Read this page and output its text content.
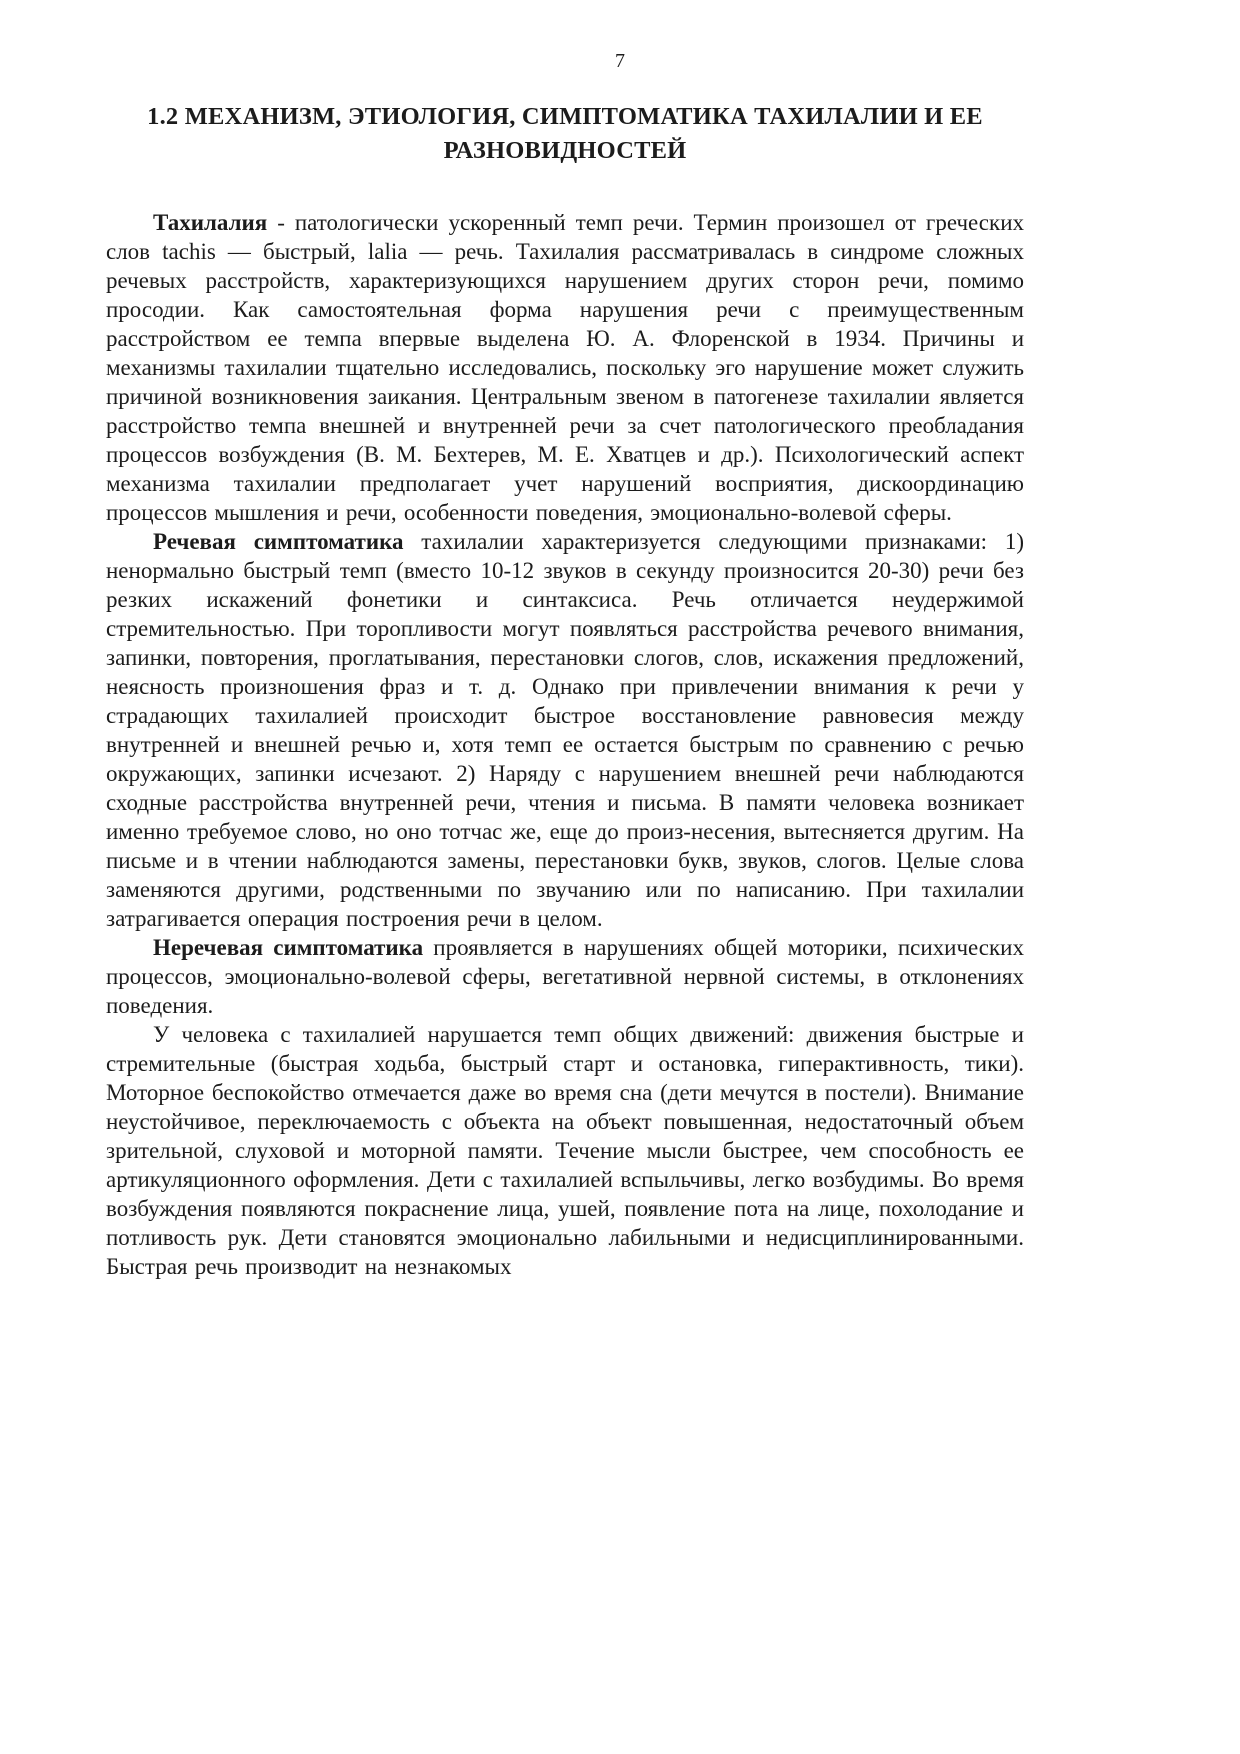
7
1.2 МЕХАНИЗМ, ЭТИОЛОГИЯ, СИМПТОМАТИКА ТАХИЛАЛИИ И ЕЕ РАЗНОВИДНОСТЕЙ

Тахилалия - патологически ускоренный темп речи. Термин произошел от греческих слов tachis — быстрый, lalia — речь. Тахилалия рассматривалась в синдроме сложных речевых расстройств, характеризующихся нарушением других сторон речи, помимо просодии. Как самостоятельная форма нарушения речи с преимущественным расстройством ее темпа впервые выделена Ю. А. Флоренской в 1934. Причины и механизмы тахилалии тщательно исследовались, поскольку эго нарушение может служить причиной возникновения заикания. Центральным звеном в патогенезе тахилалии является расстройство темпа внешней и внутренней речи за счет патологического преобладания процессов возбуждения (В. М. Бехтерев, М. Е. Хватцев и др.). Психологический аспект механизма тахилалии предполагает учет нарушений восприятия, дискоординацию процессов мышления и речи, особенности поведения, эмоционально-волевой сферы.

Речевая симптоматика тахилалии характеризуется следующими признаками: 1) ненормально быстрый темп (вместо 10-12 звуков в секунду произносится 20-30) речи без резких искажений фонетики и синтаксиса. Речь отличается неудержимой стремительностью. При торопливости могут появляться расстройства речевого внимания, запинки, повторения, проглатывания, перестановки слогов, слов, искажения предложений, неясность произношения фраз и т. д. Однако при привлечении внимания к речи у страдающих тахилалией происходит быстрое восстановление равновесия между внутренней и внешней речью и, хотя темп ее остается быстрым по сравнению с речью окружающих, запинки исчезают. 2) Наряду с нарушением внешней речи наблюдаются сходные расстройства внутренней речи, чтения и письма. В памяти человека возникает именно требуемое слово, но оно тотчас же, еще до произ-несения, вытесняется другим. На письме и в чтении наблюдаются замены, перестановки букв, звуков, слогов. Целые слова заменяются другими, родственными по звучанию или по написанию. При тахилалии затрагивается операция построения речи в целом.

Неречевая симптоматика проявляется в нарушениях общей моторики, психических процессов, эмоционально-волевой сферы, вегетативной нервной системы, в отклонениях поведения.

У человека с тахилалией нарушается темп общих движений: движения быстрые и стремительные (быстрая ходьба, быстрый старт и остановка, гиперактивность, тики). Моторное беспокойство отмечается даже во время сна (дети мечутся в постели). Внимание неустойчивое, переключаемость с объекта на объект повышенная, недостаточный объем зрительной, слуховой и моторной памяти. Течение мысли быстрее, чем способность ее артикуляционного оформления. Дети с тахилалией вспыльчивы, легко возбудимы. Во время возбуждения появляются покраснение лица, ушей, появление пота на лице, похолодание и потливость рук. Дети становятся эмоционально лабильными и недисциплинированными. Быстрая речь производит на незнакомых
